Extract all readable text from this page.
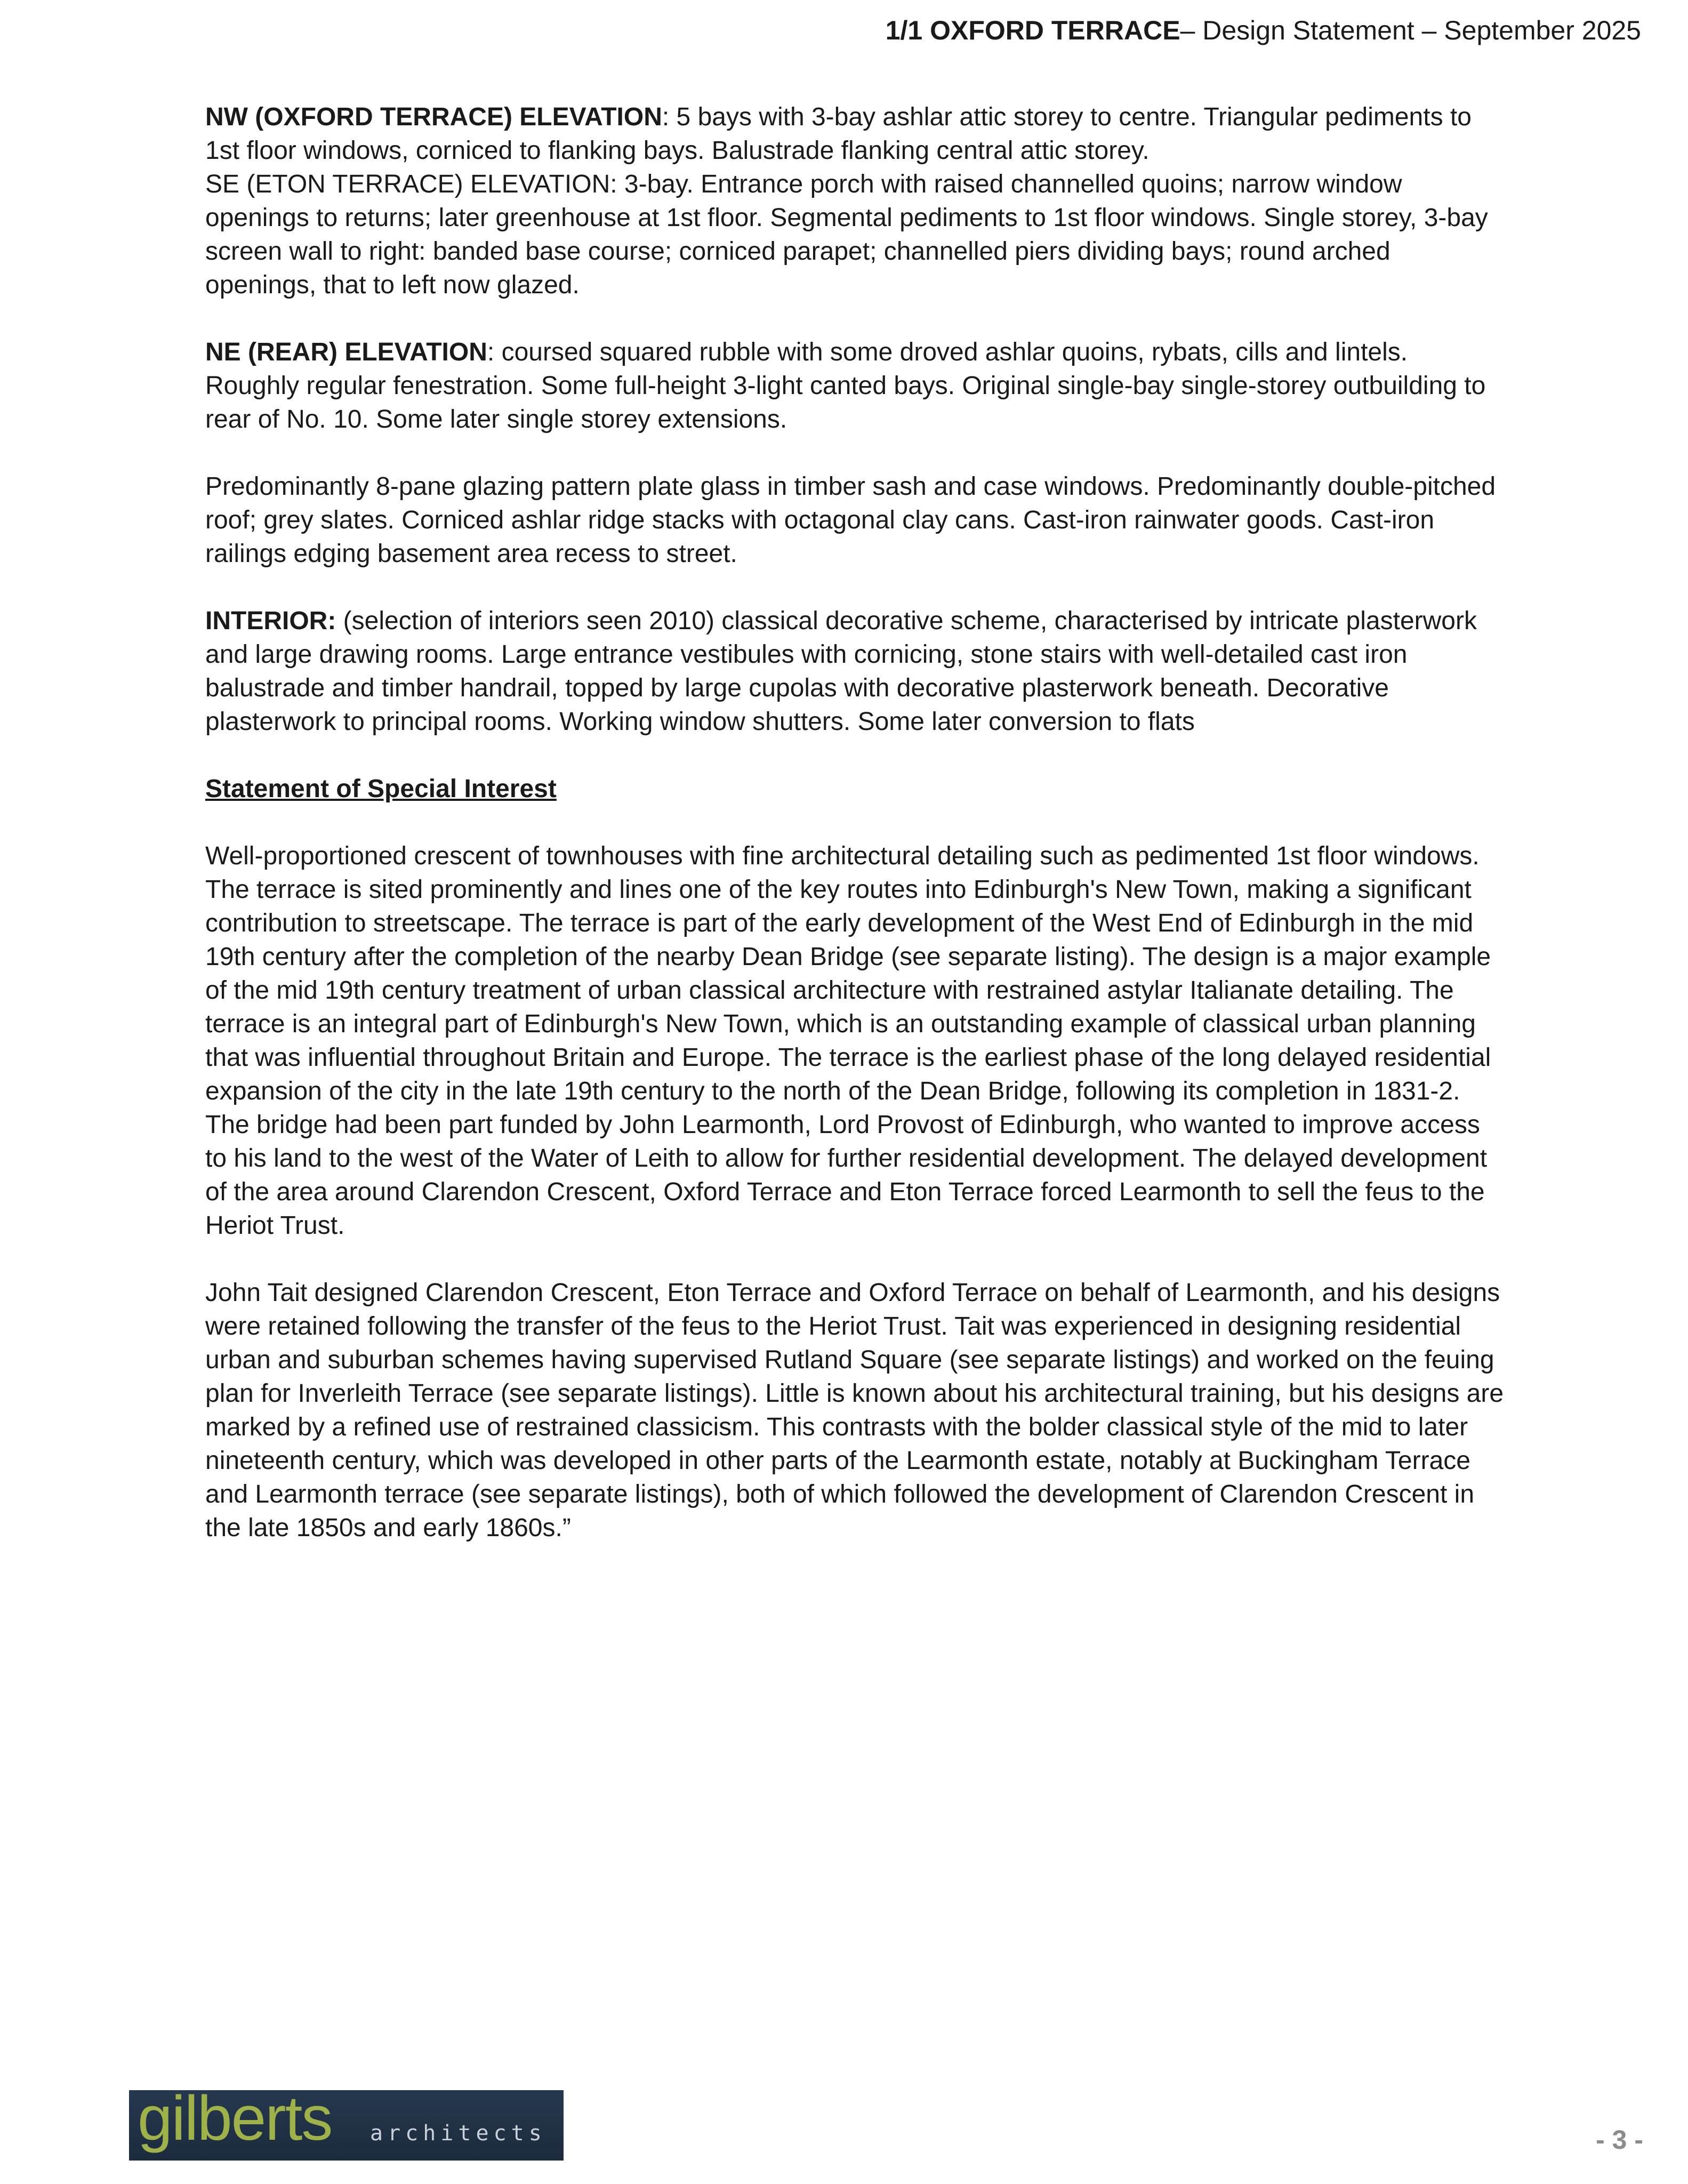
1/1 OXFORD TERRACE– Design Statement – September 2025

NW (OXFORD TERRACE) ELEVATION: 5 bays with 3-bay ashlar attic storey to centre. Triangular pediments to 1st floor windows, corniced to flanking bays. Balustrade flanking central attic storey.

SE (ETON TERRACE) ELEVATION: 3-bay. Entrance porch with raised channelled quoins; narrow window openings to returns; later greenhouse at 1st floor. Segmental pediments to 1st floor windows. Single storey, 3-bay screen wall to right: banded base course; corniced parapet; channelled piers dividing bays; round arched openings, that to left now glazed.

NE (REAR) ELEVATION: coursed squared rubble with some droved ashlar quoins, rybats, cills and lintels. Roughly regular fenestration. Some full-height 3-light canted bays. Original single-bay single-storey outbuilding to rear of No. 10. Some later single storey extensions.

Predominantly 8-pane glazing pattern plate glass in timber sash and case windows. Predominantly double-pitched roof; grey slates. Corniced ashlar ridge stacks with octagonal clay cans. Cast-iron rainwater goods. Cast-iron railings edging basement area recess to street.

INTERIOR: (selection of interiors seen 2010) classical decorative scheme, characterised by intricate plasterwork and large drawing rooms. Large entrance vestibules with cornicing, stone stairs with well-detailed cast iron balustrade and timber handrail, topped by large cupolas with decorative plasterwork beneath. Decorative plasterwork to principal rooms. Working window shutters. Some later conversion to flats

Statement of Special Interest

Well-proportioned crescent of townhouses with fine architectural detailing such as pedimented 1st floor windows. The terrace is sited prominently and lines one of the key routes into Edinburgh's New Town, making a significant contribution to streetscape. The terrace is part of the early development of the West End of Edinburgh in the mid 19th century after the completion of the nearby Dean Bridge (see separate listing). The design is a major example of the mid 19th century treatment of urban classical architecture with restrained astylar Italianate detailing. The terrace is an integral part of Edinburgh's New Town, which is an outstanding example of classical urban planning that was influential throughout Britain and Europe. The terrace is the earliest phase of the long delayed residential expansion of the city in the late 19th century to the north of the Dean Bridge, following its completion in 1831-2. The bridge had been part funded by John Learmonth, Lord Provost of Edinburgh, who wanted to improve access to his land to the west of the Water of Leith to allow for further residential development. The delayed development of the area around Clarendon Crescent, Oxford Terrace and Eton Terrace forced Learmonth to sell the feus to the Heriot Trust.

John Tait designed Clarendon Crescent, Eton Terrace and Oxford Terrace on behalf of Learmonth, and his designs were retained following the transfer of the feus to the Heriot Trust. Tait was experienced in designing residential urban and suburban schemes having supervised Rutland Square (see separate listings) and worked on the feuing plan for Inverleith Terrace (see separate listings). Little is known about his architectural training, but his designs are marked by a refined use of restrained classicism. This contrasts with the bolder classical style of the mid to later nineteenth century, which was developed in other parts of the Learmonth estate, notably at Buckingham Terrace and Learmonth terrace (see separate listings), both of which followed the development of Clarendon Crescent in the late 1850s and early 1860s.”

gilberts architects	- 3 -
